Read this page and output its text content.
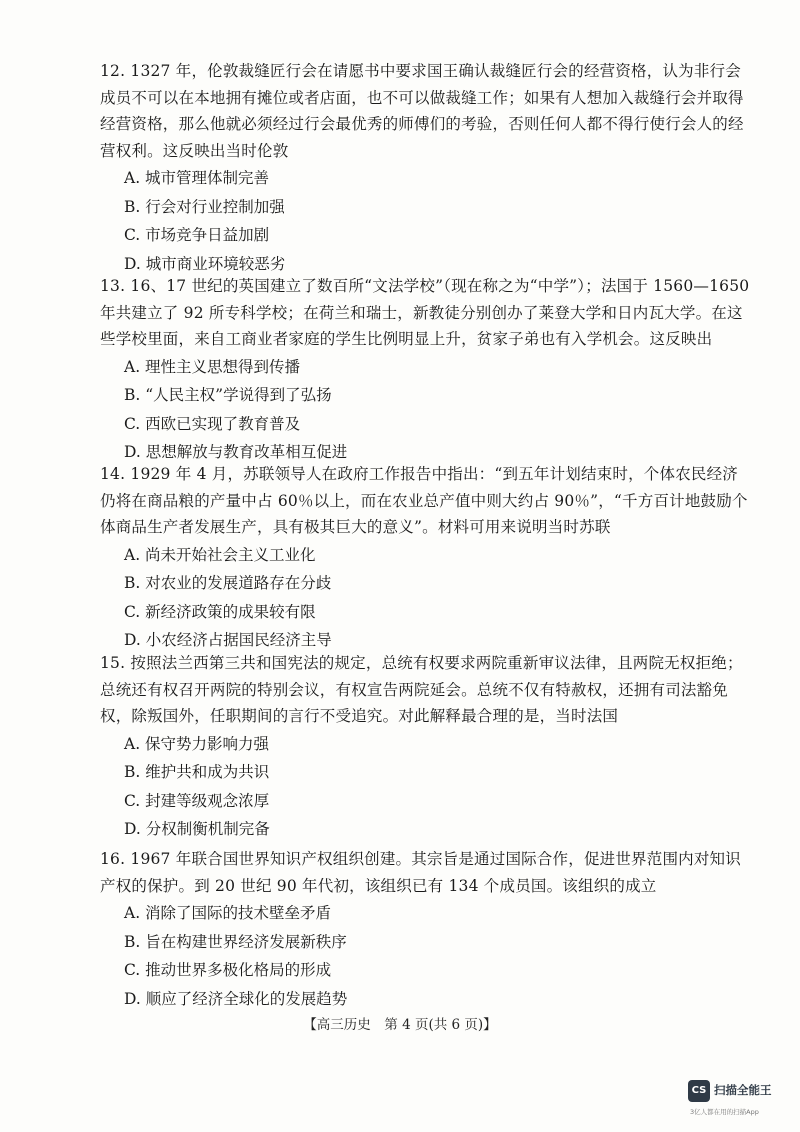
12. 1327 年，伦敦裁缝匠行会在请愿书中要求国王确认裁缝匠行会的经营资格，认为非行会成员不可以在本地拥有摊位或者店面，也不可以做裁缝工作；如果有人想加入裁缝行会并取得经营资格，那么他就必须经过行会最优秀的师傅们的考验，否则任何人都不得行使行会人的经营权利。这反映出当时伦敦

A. 城市管理体制完善
B. 行会对行业控制加强
C. 市场竞争日益加剧
D. 城市商业环境较恶劣

13. 16、17 世纪的英国建立了数百所“文法学校”（现在称之为“中学”）；法国于 1560—1650 年共建立了 92 所专科学校；在荷兰和瑞士，新教徒分别创办了莱登大学和日内瓦大学。在这些学校里面，来自工商业者家庭的学生比例明显上升，贫家子弟也有入学机会。这反映出

A. 理性主义思想得到传播
B. “人民主权”学说得到了弘扬
C. 西欧已实现了教育普及
D. 思想解放与教育改革相互促进

14. 1929 年 4 月，苏联领导人在政府工作报告中指出：“到五年计划结束时，个体农民经济仍将在商品粮的产量中占 60％以上，而在农业总产值中则大约占 90％”，“千方百计地鼓励个体商品生产者发展生产，具有极其巨大的意义”。材料可用来说明当时苏联

A. 尚未开始社会主义工业化
B. 对农业的发展道路存在分歧
C. 新经济政策的成果较有限
D. 小农经济占据国民经济主导

15. 按照法兰西第三共和国宪法的规定，总统有权要求两院重新审议法律，且两院无权拒绝；总统还有权召开两院的特别会议，有权宣告两院延会。总统不仅有特赦权，还拥有司法豁免权，除叛国外，任职期间的言行不受追究。对此解释最合理的是，当时法国

A. 保守势力影响力强
B. 维护共和成为共识
C. 封建等级观念浓厚
D. 分权制衡机制完备

16. 1967 年联合国世界知识产权组织创建。其宗旨是通过国际合作，促进世界范围内对知识产权的保护。到 20 世纪 90 年代初，该组织已有 134 个成员国。该组织的成立

A. 消除了国际的技术壁垒矛盾
B. 旨在构建世界经济发展新秩序
C. 推动世界多极化格局的形成
D. 顺应了经济全球化的发展趋势
【高三历史　第 4 页(共 6 页)】
CS 扫描全能王
3亿人都在用的扫描App
